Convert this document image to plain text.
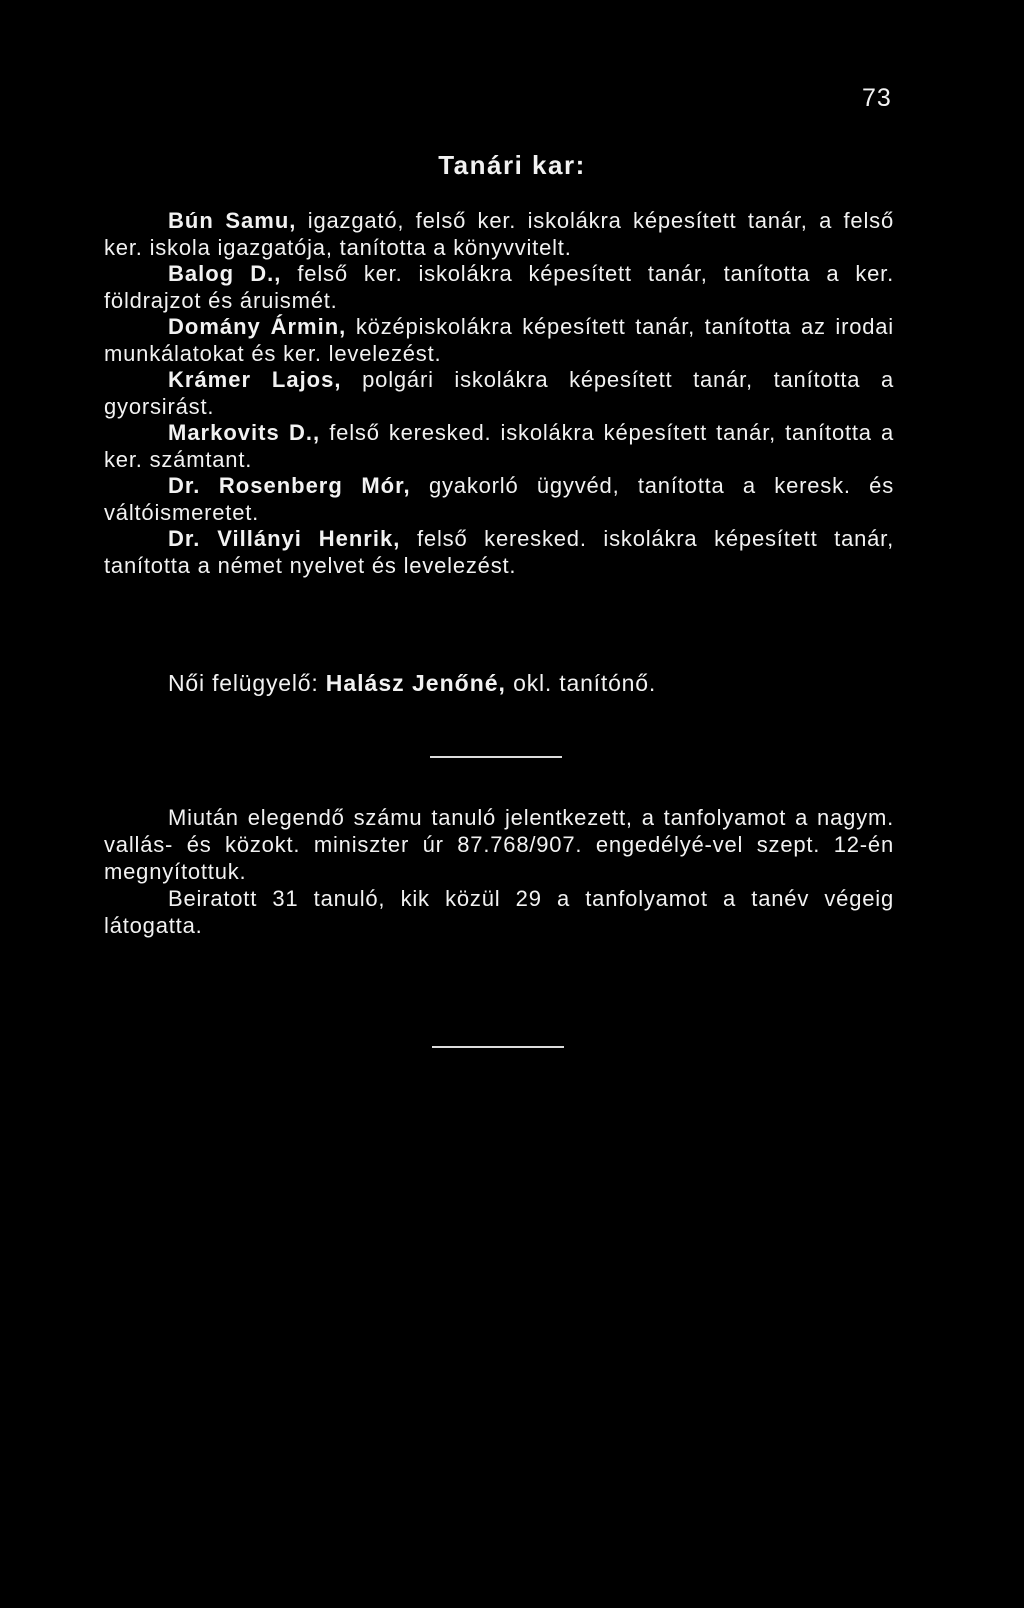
73
Tanári kar:

Bún Samu, igazgató, felső ker. iskolákra képesített tanár, a felső ker. iskola igazgatója, tanította a könyvvitelt.

Balog D., felső ker. iskolákra képesített tanár, tanította a ker. földrajzot és áruismét.

Domány Ármin, középiskolákra képesített tanár, tanította az irodai munkálatokat és ker. levelezést.

Krámer Lajos, polgári iskolákra képesített tanár, tanította a gyorsirást.

Markovits D., felső keresked. iskolákra képesített tanár, tanította a ker. számtant.

Dr. Rosenberg Mór, gyakorló ügyvéd, tanította a keresk. és váltóismeretet.

Dr. Villányi Henrik, felső keresked. iskolákra képesített tanár, tanította a német nyelvet és levelezést.

Női felügyelő: Halász Jenőné, okl. tanítónő.

Miután elegendő számu tanuló jelentkezett, a tanfolyamot a nagym. vallás- és közokt. miniszter úr 87.768/907. engedélyé-vel szept. 12-én megnyítottuk.

Beiratott 31 tanuló, kik közül 29 a tanfolyamot a tanév végeig látogatta.
